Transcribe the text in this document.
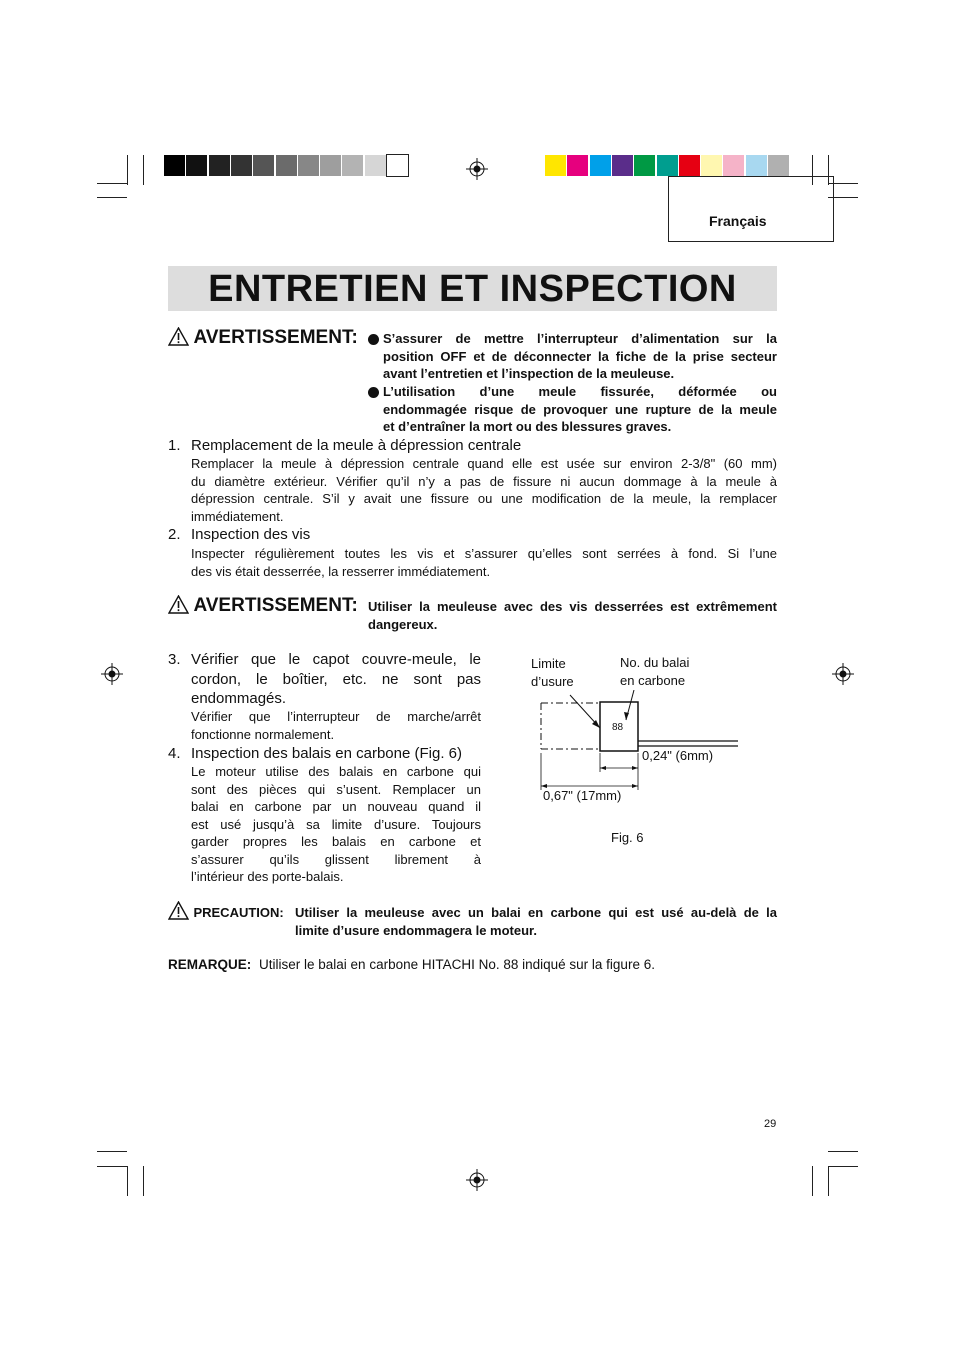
Français
ENTRETIEN ET INSPECTION
AVERTISSEMENT: S’assurer de mettre l’interrupteur d’alimentation sur la
position OFF et de déconnecter la fiche de la prise secteur
avant l’entretien et l’inspection de la meuleuse.
L’utilisation d’une meule fissurée, déformée ou
endommagée risque de provoquer une rupture de la meule
et d’entraîner la mort ou des blessures graves.
1. Remplacement de la meule à dépression centrale
Remplacer la meule à dépression centrale quand elle est usée sur environ 2-3/8" (60 mm)
du diamètre extérieur. Vérifier qu’il n’y a pas de fissure ni aucun dommage à la meule à
dépression centrale. S’il y avait une fissure ou une modification de la meule, la remplacer
immédiatement.
2. Inspection des vis
Inspecter régulièrement toutes les vis et s’assurer qu’elles sont serrées à fond. Si l’une
des vis était desserrée, la resserrer immédiatement.
AVERTISSEMENT: Utiliser la meuleuse avec des vis desserrées est extrêmement
dangereux.
3. Vérifier que le capot couvre-meule, le
cordon, le boîtier, etc. ne sont pas
endommagés.
Vérifier que l’interrupteur de marche/arrêt
fonctionne normalement.
4. Inspection des balais en carbone (Fig. 6)
Le moteur utilise des balais en carbone qui
sont des pièces qui s’usent. Remplacer un
balai en carbone par un nouveau quand il
est usé jusqu’à sa limite d’usure. Toujours
garder propres les balais en carbone et
s’assurer qu’ils glissent librement à
l’intérieur des porte-balais.
Limite
d’usure
No. du balai
en carbone
88
0,24" (6mm)
0,67" (17mm)
Fig. 6
PRECAUTION: Utiliser la meuleuse avec un balai en carbone qui est usé au-delà de la
limite d’usure endommagera le moteur.
REMARQUE: Utiliser le balai en carbone HITACHI No. 88 indiqué sur la figure 6.
29
